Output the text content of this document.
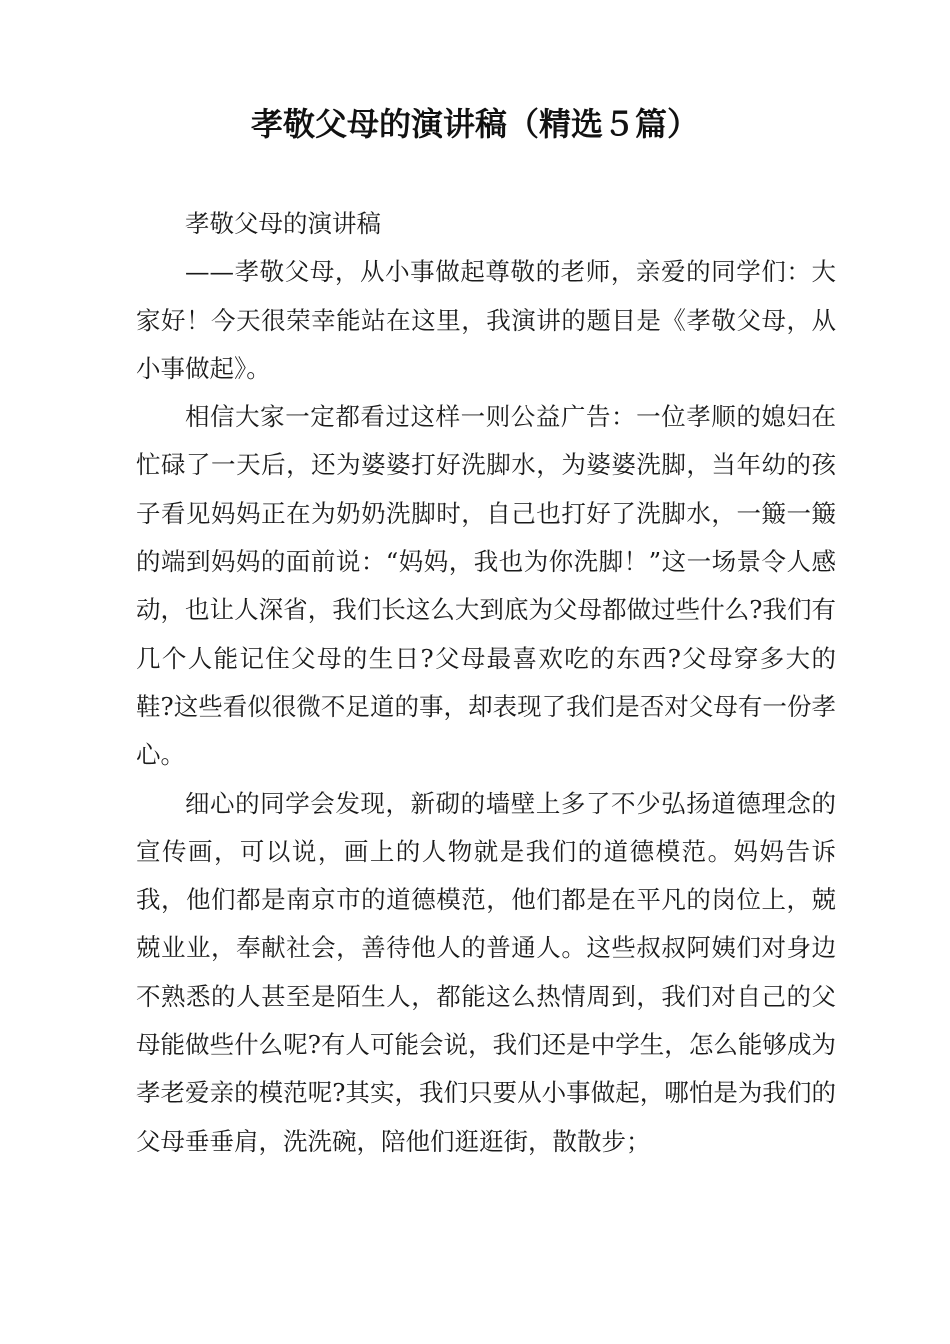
孝敬父母的演讲稿（精选５篇）

孝敬父母的演讲稿

——孝敬父母，从小事做起尊敬的老师，亲爱的同学们：大家好！今天很荣幸能站在这里，我演讲的题目是《孝敬父母，从小事做起》。

相信大家一定都看过这样一则公益广告：一位孝顺的媳妇在忙碌了一天后，还为婆婆打好洗脚水，为婆婆洗脚，当年幼的孩子看见妈妈正在为奶奶洗脚时，自己也打好了洗脚水，一簸一簸的端到妈妈的面前说：“妈妈，我也为你洗脚！”这一场景令人感动，也让人深省，我们长这么大到底为父母都做过些什么?我们有几个人能记住父母的生日?父母最喜欢吃的东西?父母穿多大的鞋?这些看似很微不足道的事，却表现了我们是否对父母有一份孝心。

细心的同学会发现，新砌的墙壁上多了不少弘扬道德理念的宣传画，可以说，画上的人物就是我们的道德模范。妈妈告诉我，他们都是南京市的道德模范，他们都是在平凡的岗位上，兢兢业业，奉献社会，善待他人的普通人。这些叔叔阿姨们对身边不熟悉的人甚至是陌生人，都能这么热情周到，我们对自己的父母能做些什么呢?有人可能会说，我们还是中学生，怎么能够成为孝老爱亲的模范呢?其实，我们只要从小事做起，哪怕是为我们的父母垂垂肩，洗洗碗，陪他们逛逛街，散散步；
